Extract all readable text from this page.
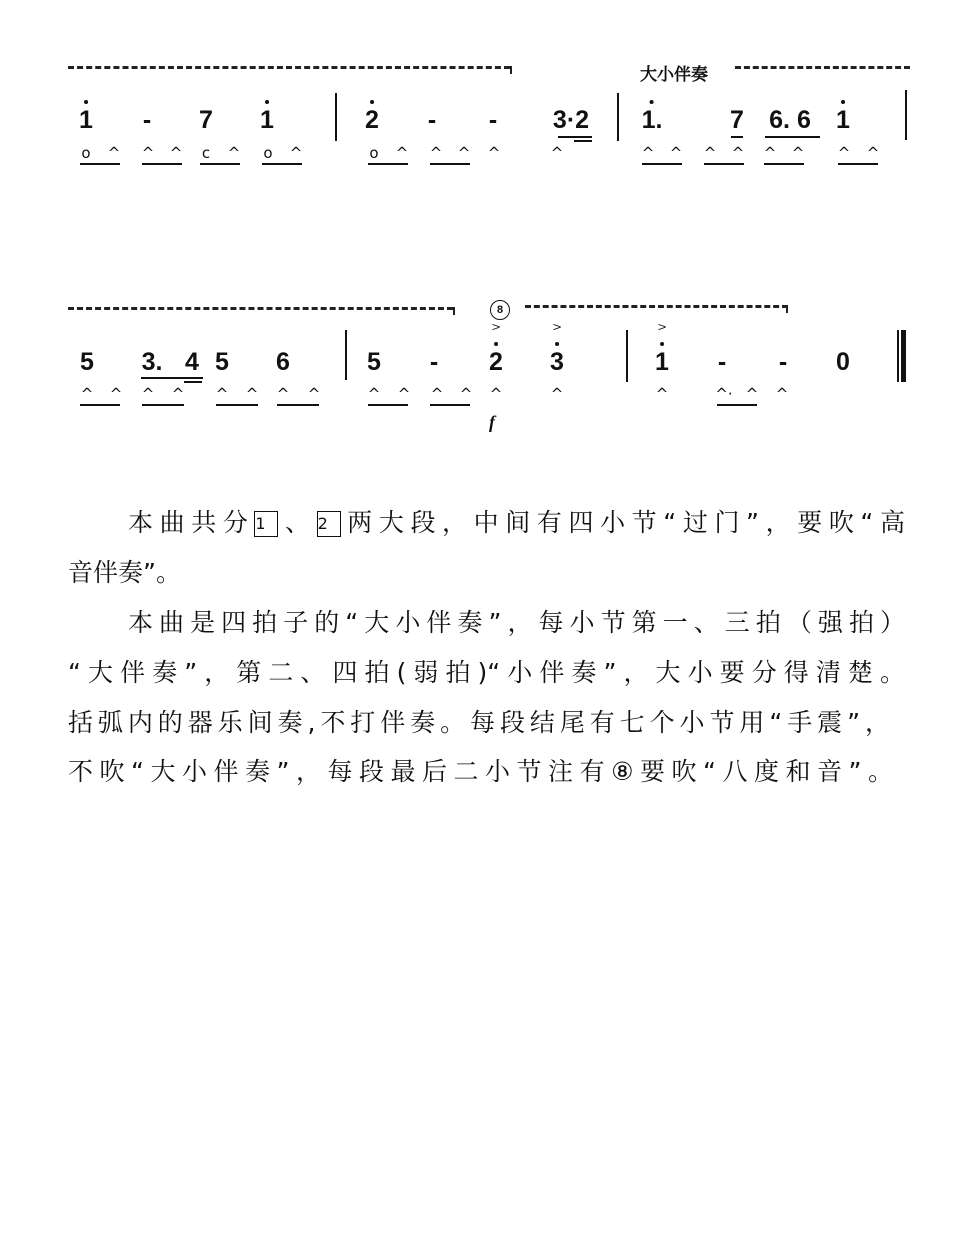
大小伴奏
1 - 7 1	2 - - 3·2 1.	7 6. 6 1
o ^ ^ ^ c ^ o ^	o ^ ^ ^ ^	^	^ ^ ^ ^ ^ ^ ^ ^
8
5 3. 4 5 6	5 - 2 > 3 >	1 > - - 0
^ ^ ^ ^ ^ ^ ^ ^	^ ^ ^ ^ ^	^	^	^· ^ ^
f
本曲共分1 、2 两大段，中间有四小节“过门”，要吹“高
音伴奏”。
本曲是四拍子的“大小伴奏”，每小节第一、三拍（强拍）
“大伴奏”，第二、四拍(弱拍)“小伴奏”，大小要分得清楚。
括弧内的器乐间奏,不打伴奏。每段结尾有七个小节用“手震”，
不吹“大小伴奏”，每段最后二小节注有⑧要吹“八度和音”。
